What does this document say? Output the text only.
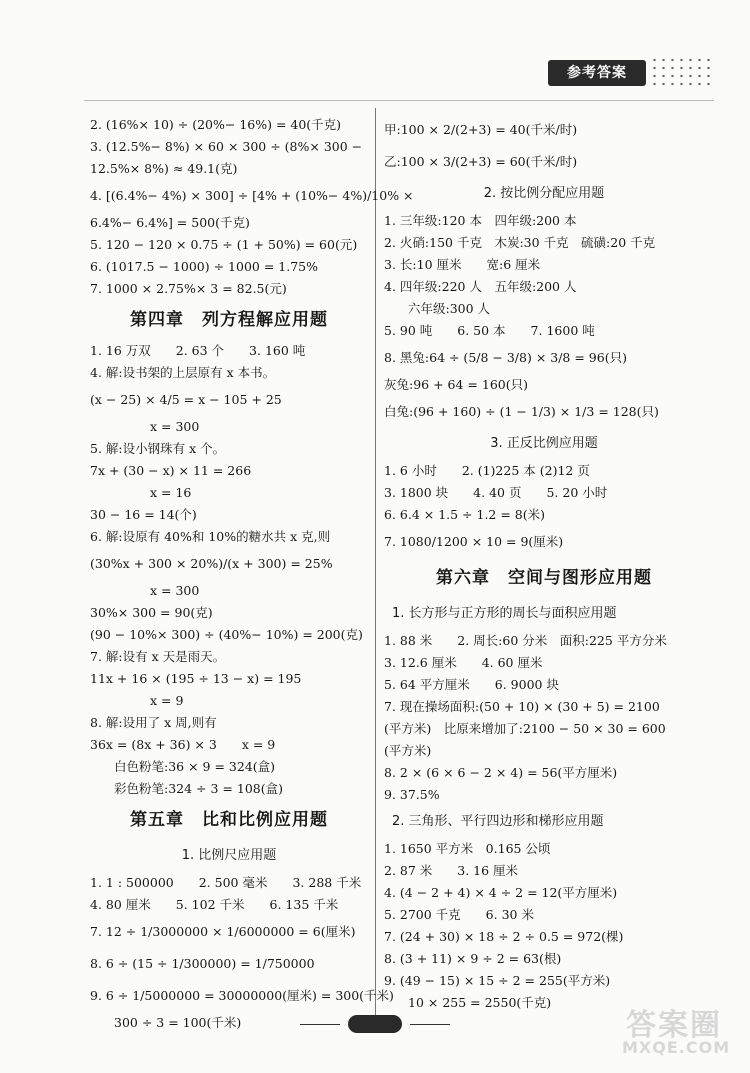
参考答案
2. (16%× 10) ÷ (20%− 16%) = 40(千克)
3. (12.5%− 8%) × 60 × 300 ÷ (8%× 300 −
12.5%× 8%) ≈ 49.1(克)
4. [(6.4%− 4%) × 300] ÷ [4% + (10%− 4%)/10% ×
6.4%− 6.4%] = 500(千克)
5. 120 − 120 × 0.75 ÷ (1 + 50%) = 60(元)
6. (1017.5 − 1000) ÷ 1000 = 1.75%
7. 1000 × 2.75%× 3 = 82.5(元)
第四章　列方程解应用题
1. 16 万双　　2. 63 个　　3. 160 吨
4. 解:设书架的上层原有 x 本书。
(x − 25) × 4/5 = x − 105 + 25
x = 300
5. 解:设小钢珠有 x 个。
7x + (30 − x) × 11 = 266
x = 16
30 − 16 = 14(个)
6. 解:设原有 40%和 10%的糖水共 x 克,则
(30%x + 300 × 20%)/(x + 300) = 25%
x = 300
30%× 300 = 90(克)
(90 − 10%× 300) ÷ (40%− 10%) = 200(克)
7. 解:设有 x 天是雨天。
11x + 16 × (195 ÷ 13 − x) = 195
x = 9
8. 解:设用了 x 周,则有
36x = (8x + 36) × 3　　x = 9
白色粉笔:36 × 9 = 324(盒)
彩色粉笔:324 ÷ 3 = 108(盒)
第五章　比和比例应用题
1. 比例尺应用题
1. 1 : 500000　　2. 500 毫米　　3. 288 千米
4. 80 厘米　　5. 102 千米　　6. 135 千米
7. 12 ÷ 1/3000000 × 1/6000000 = 6(厘米)
8. 6 ÷ (15 ÷ 1/300000) = 1/750000
9. 6 ÷ 1/5000000 = 30000000(厘米) = 300(千米)
300 ÷ 3 = 100(千米)
甲:100 × 2/(2+3) = 40(千米/时)
乙:100 × 3/(2+3) = 60(千米/时)
2. 按比例分配应用题
1. 三年级:120 本　四年级:200 本
2. 火硝:150 千克　木炭:30 千克　硫磺:20 千克
3. 长:10 厘米　　宽:6 厘米
4. 四年级:220 人　五年级:200 人
六年级:300 人
5. 90 吨　　6. 50 本　　7. 1600 吨
8. 黑兔:64 ÷ (5/8 − 3/8) × 3/8 = 96(只)
灰兔:96 + 64 = 160(只)
白兔:(96 + 160) ÷ (1 − 1/3) × 1/3 = 128(只)
3. 正反比例应用题
1. 6 小时　　2. (1)225 本 (2)12 页
3. 1800 块　　4. 40 页　　5. 20 小时
6. 6.4 × 1.5 ÷ 1.2 = 8(米)
7. 1080/1200 × 10 = 9(厘米)
第六章　空间与图形应用题
1. 长方形与正方形的周长与面积应用题
1. 88 米　　2. 周长:60 分米　面积:225 平方分米
3. 12.6 厘米　　4. 60 厘米
5. 64 平方厘米　　6. 9000 块
7. 现在操场面积:(50 + 10) × (30 + 5) = 2100
(平方米)　比原来增加了:2100 − 50 × 30 = 600
(平方米)
8. 2 × (6 × 6 − 2 × 4) = 56(平方厘米)
9. 37.5%
2. 三角形、平行四边形和梯形应用题
1. 1650 平方米　0.165 公顷
2. 87 米　　3. 16 厘米
4. (4 − 2 + 4) × 4 ÷ 2 = 12(平方厘米)
5. 2700 千克　　6. 30 米
7. (24 + 30) × 18 ÷ 2 ÷ 0.5 = 972(棵)
8. (3 + 11) × 9 ÷ 2 = 63(根)
9. (49 − 15) × 15 ÷ 2 = 255(平方米)
10 × 255 = 2550(千克)
答案圈
MXQE.COM
